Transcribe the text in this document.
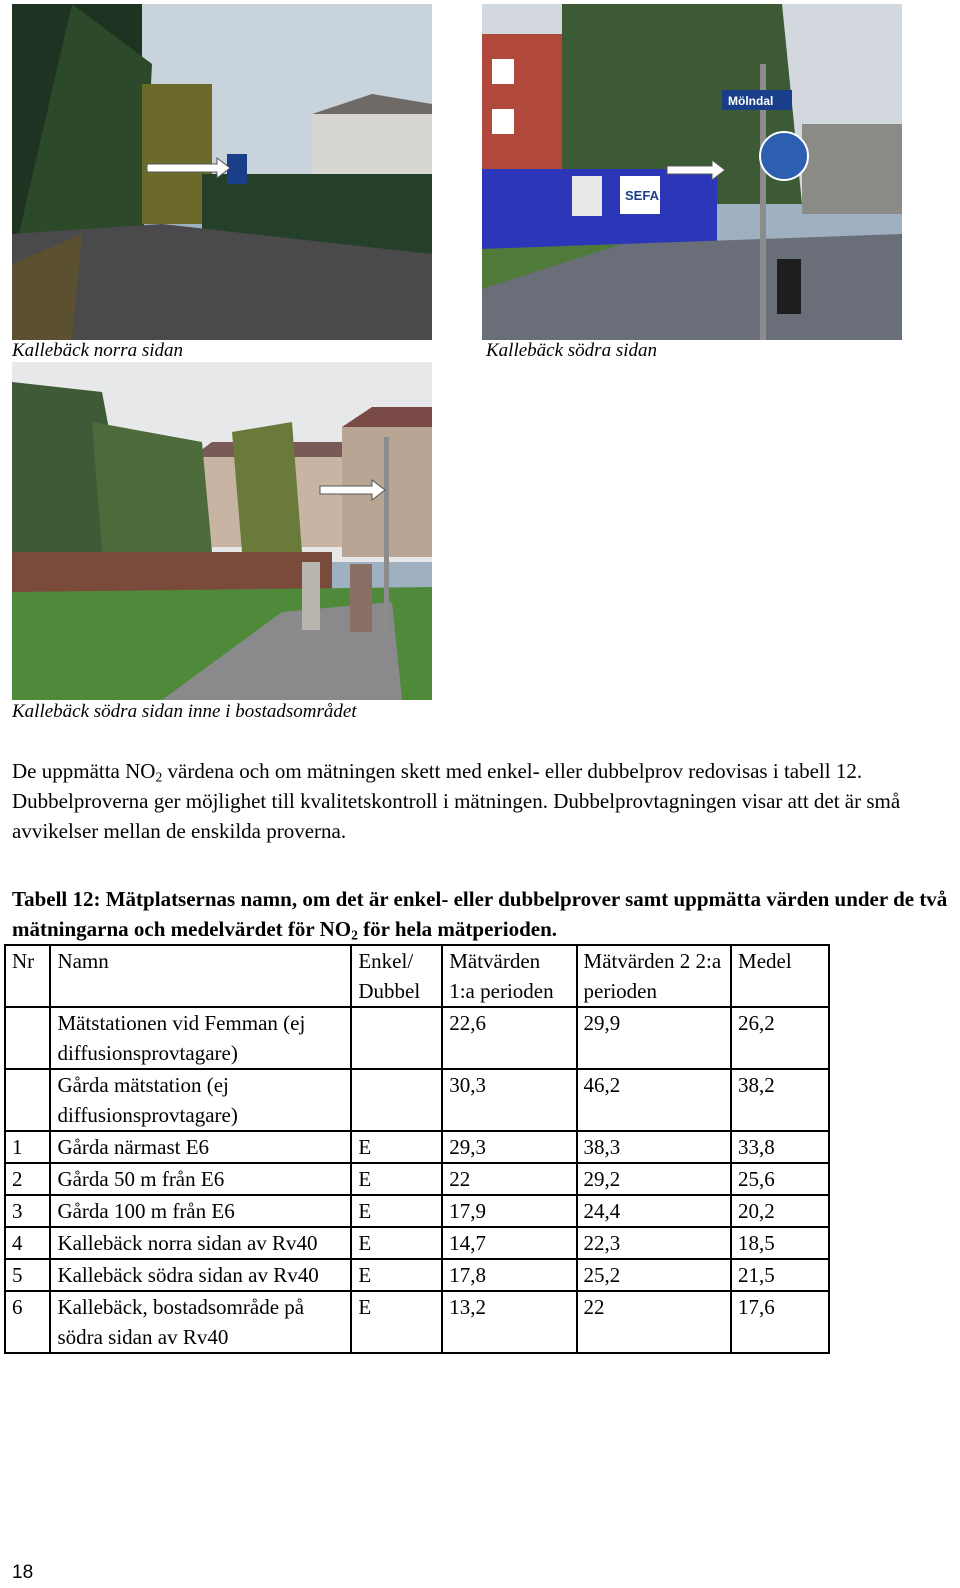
SEFA
Mölndal
Kallebäck norra sidan	Kallebäck södra sidan
Kallebäck södra sidan inne i bostadsområdet
De uppmätta $NO_2$ värdena och om mätningen skett med enkel- eller dubbelprov redovisas i tabell 12. Dubbelproverna ger möjlighet till kvalitetskontroll i mätningen. Dubbelprovtagningen visar att det är små avvikelser mellan de enskilda proverna.
Tabell 12: Mätplatsernas namn, om det är enkel- eller dubbelprover samt uppmätta värden under de två mätningarna och medelvärdet för $NO_2$ för hela mätperioden.
Nr	Namn	Enkel/ Dubbel	Mätvärden 1:a perioden	Mätvärden 2 2:a perioden	Medel
	Mätstationen vid Femman (ej diffusionsprovtagare)		22,6	29,9	26,2
	Gårda mätstation (ej diffusionsprovtagare)		30,3	46,2	38,2
1	Gårda närmast E6	E	29,3	38,3	33,8
2	Gårda 50 m från E6	E	22	29,2	25,6
3	Gårda 100 m från E6	E	17,9	24,4	20,2
4	Kallebäck norra sidan av Rv40	E	14,7	22,3	18,5
5	Kallebäck södra sidan av Rv40	E	17,8	25,2	21,5
6	Kallebäck, bostadsområde på södra sidan av Rv40	E	13,2	22	17,6
18
